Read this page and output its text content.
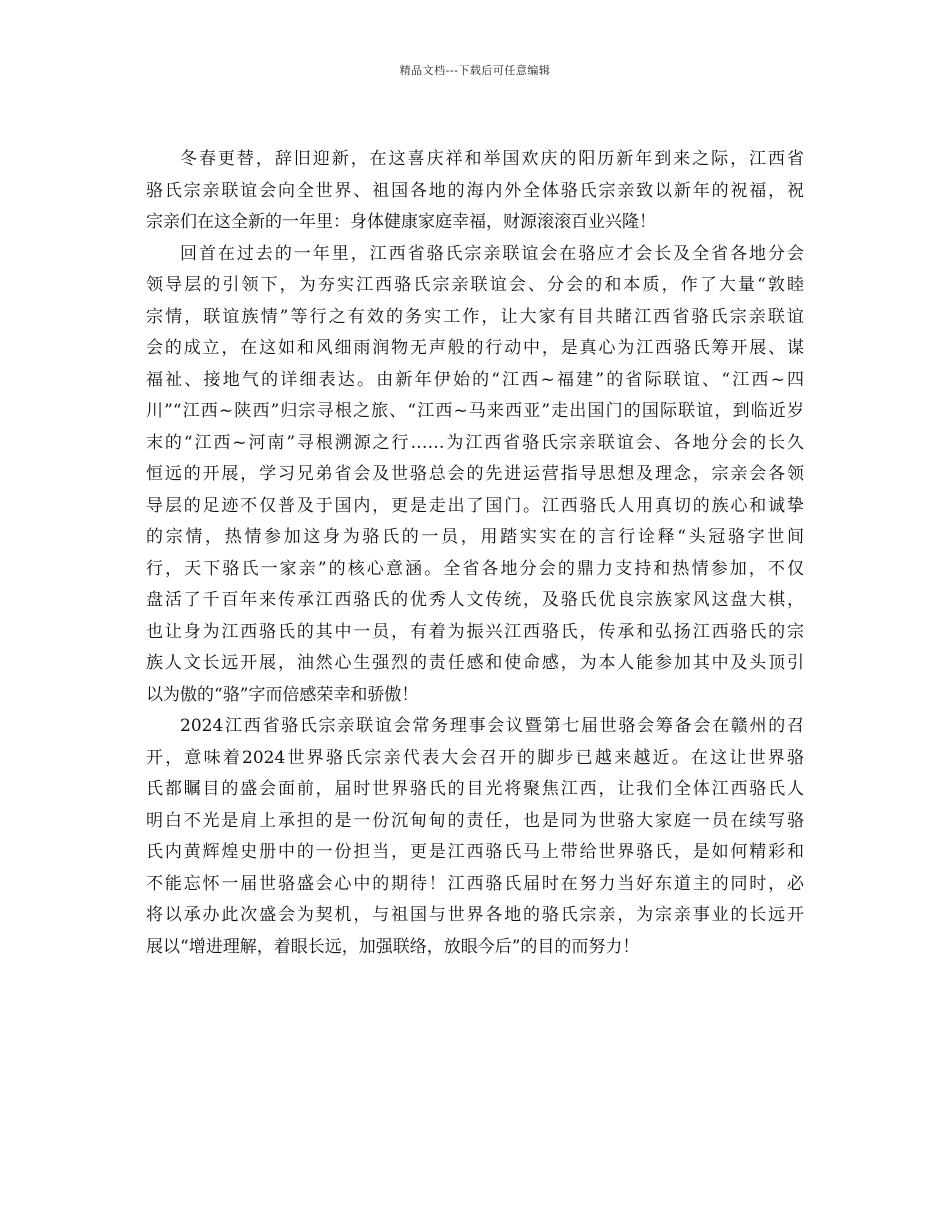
精品文档---下载后可任意编辑
冬春更替，辞旧迎新，在这喜庆祥和举国欢庆的阳历新年到来之际，江西省
骆氏宗亲联谊会向全世界、祖国各地的海内外全体骆氏宗亲致以新年的祝福，祝
宗亲们在这全新的一年里：身体健康家庭幸福，财源滚滚百业兴隆！
回首在过去的一年里，江西省骆氏宗亲联谊会在骆应才会长及全省各地分会
领导层的引领下，为夯实江西骆氏宗亲联谊会、分会的和本质，作了大量“敦睦
宗情，联谊族情”等行之有效的务实工作，让大家有目共睹江西省骆氏宗亲联谊
会的成立，在这如和风细雨润物无声般的行动中，是真心为江西骆氏筹开展、谋
福祉、接地气的详细表达。由新年伊始的“江西~福建”的省际联谊、“江西~四
川”“江西~陕西”归宗寻根之旅、“江西~马来西亚”走出国门的国际联谊，到临近岁
末的“江西~河南”寻根溯源之行……为江西省骆氏宗亲联谊会、各地分会的长久
恒远的开展，学习兄弟省会及世骆总会的先进运营指导思想及理念，宗亲会各领
导层的足迹不仅普及于国内，更是走出了国门。江西骆氏人用真切的族心和诚挚
的宗情，热情参加这身为骆氏的一员，用踏实实在的言行诠释“头冠骆字世间
行，天下骆氏一家亲”的核心意涵。全省各地分会的鼎力支持和热情参加，不仅
盘活了千百年来传承江西骆氏的优秀人文传统，及骆氏优良宗族家风这盘大棋，
也让身为江西骆氏的其中一员，有着为振兴江西骆氏，传承和弘扬江西骆氏的宗
族人文长远开展，油然心生强烈的责任感和使命感，为本人能参加其中及头顶引
以为傲的“骆”字而倍感荣幸和骄傲！
2024江西省骆氏宗亲联谊会常务理事会议暨第七届世骆会筹备会在赣州的召
开，意味着2024世界骆氏宗亲代表大会召开的脚步已越来越近。在这让世界骆
氏都瞩目的盛会面前，届时世界骆氏的目光将聚焦江西，让我们全体江西骆氏人
明白不光是肩上承担的是一份沉甸甸的责任，也是同为世骆大家庭一员在续写骆
氏内黄辉煌史册中的一份担当，更是江西骆氏马上带给世界骆氏，是如何精彩和
不能忘怀一届世骆盛会心中的期待！江西骆氏届时在努力当好东道主的同时，必
将以承办此次盛会为契机，与祖国与世界各地的骆氏宗亲，为宗亲事业的长远开
展以“增进理解，着眼长远，加强联络，放眼今后”的目的而努力！
